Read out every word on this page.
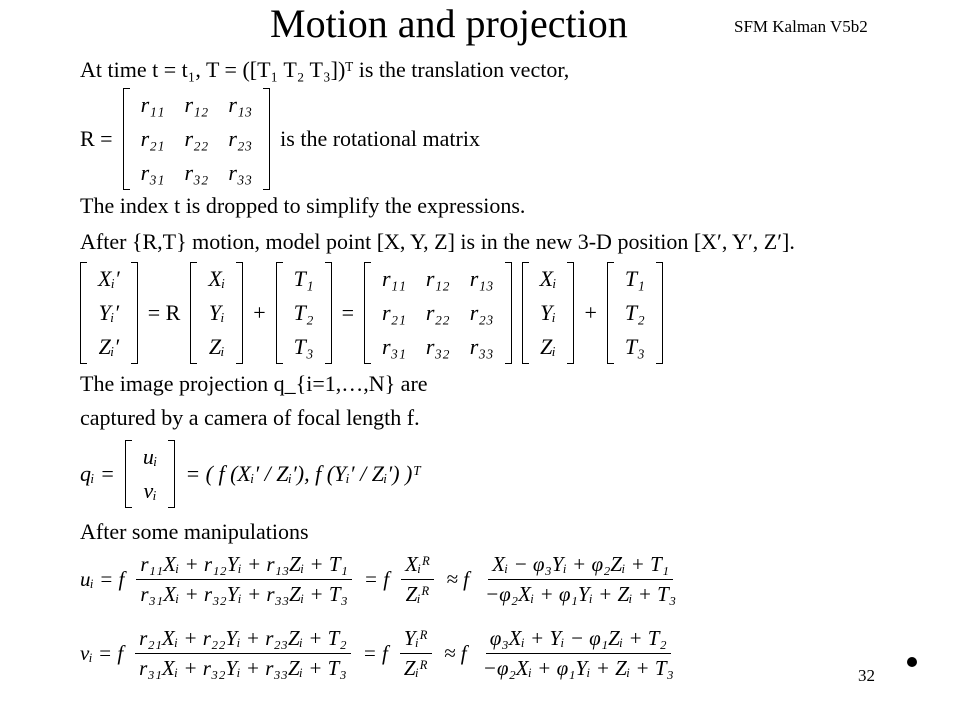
Motion and projection	SFM Kalman V5b2
At time t = t₁, T = ([T₁ T₂ T₃])ᵀ is the translation vector,
R =
r₁₁	r₁₂	r₁₃
r₂₁	r₂₂	r₂₃
r₃₁	r₃₂	r₃₃
is the rotational matrix
The index t is dropped to simplify the expressions.
After {R,T} motion, model point [X, Y, Z] is in the new 3-D position [X′, Y′, Z′].
Xᵢ′
Yᵢ′
Zᵢ′
= R
Xᵢ
Yᵢ
Zᵢ
+
T₁
T₂
T₃
=
r₁₁	r₁₂	r₁₃
r₂₁	r₂₂	r₂₃
r₃₁	r₃₂	r₃₃
Xᵢ
Yᵢ
Zᵢ
+
T₁
T₂
T₃
The image projection q_{i=1,…,N} are
captured by a camera of focal length f.
qᵢ =
uᵢ
vᵢ
= ( f (Xᵢ′ / Zᵢ′), f (Yᵢ′ / Zᵢ′) )ᵀ
After some manipulations
uᵢ = f $\frac{\text{r₁₁Xᵢ + r₁₂Yᵢ + r₁₃Zᵢ + T₁}}{\text{r₃₁Xᵢ + r₃₂Yᵢ + r₃₃Zᵢ + T₃}} = f \frac{\text{Xᵢᴿ}}{\text{Zᵢᴿ}} \approx f \frac{\text{Xᵢ − φ₃Yᵢ + φ₂Zᵢ + T₁}}{\text{−φ₂Xᵢ + φ₁Yᵢ + Zᵢ + T₃}}$
vᵢ = f $\frac{\text{r₂₁Xᵢ + r₂₂Yᵢ + r₂₃Zᵢ + T₂}}{\text{r₃₁Xᵢ + r₃₂Yᵢ + r₃₃Zᵢ + T₃}} = f \frac{\text{Yᵢᴿ}}{\text{Zᵢᴿ}} \approx f \frac{\text{φ₃Xᵢ + Yᵢ − φ₁Zᵢ + T₂}}{\text{−φ₂Xᵢ + φ₁Yᵢ + Zᵢ + T₃}}$	32
